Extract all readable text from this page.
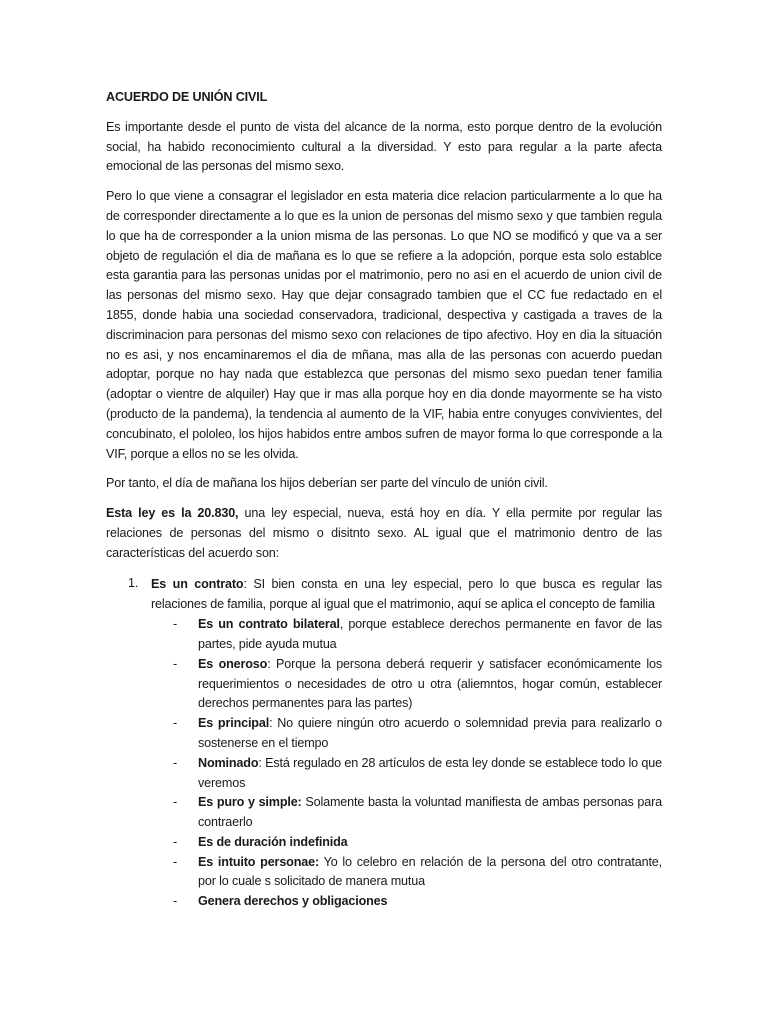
ACUERDO DE UNIÓN CIVIL

Es importante desde el punto de vista del alcance de la norma, esto porque dentro de la evolución social, ha habido reconocimiento cultural a la diversidad. Y esto para regular a la parte afecta emocional de las personas del mismo sexo.

Pero lo que viene a consagrar el legislador en esta materia dice relacion particularmente a lo que ha de corresponder directamente a lo que es la union de personas del mismo sexo y que tambien regula lo que ha de corresponder a la union misma de las personas. Lo que NO se modificó y que va a ser objeto de regulación el dia de mañana es lo que se refiere a la adopción, porque esta solo establce esta garantia para las personas unidas por el matrimonio, pero no asi en el acuerdo de union civil de las personas del mismo sexo. Hay que dejar consagrado tambien que el CC fue redactado en el 1855, donde habia una sociedad conservadora, tradicional, despectiva y castigada a traves de la discriminacion para personas del mismo sexo con relaciones de tipo afectivo. Hoy en dia la situación no es asi, y nos encaminaremos el dia de mñana, mas alla de las personas con acuerdo puedan adoptar, porque no hay nada que establezca que personas del mismo sexo puedan tener familia (adoptar o vientre de alquiler) Hay que ir mas alla porque hoy en dia donde mayormente se ha visto (producto de la pandema), la tendencia al aumento de la VIF, habia entre conyuges convivientes, del concubinato, el pololeo, los hijos habidos entre ambos sufren de mayor forma lo que corresponde a la VIF, porque a ellos no se les olvida.

Por tanto, el día de mañana los hijos deberían ser parte del vínculo de unión civil.

Esta ley es la 20.830, una ley especial, nueva, está hoy en día. Y ella permite por regular las relaciones de personas del mismo o disitnto sexo. AL igual que el matrimonio dentro de las características del acuerdo son:

1. Es un contrato: SI bien consta en una ley especial, pero lo que busca es regular las relaciones de familia, porque al igual que el matrimonio, aquí se aplica el concepto de familia
-	Es un contrato bilateral, porque establece derechos permanente en favor de las partes, pide ayuda mutua
-	Es oneroso: Porque la persona deberá requerir y satisfacer económicamente los requerimientos o necesidades de otro u otra (aliemntos, hogar común, establecer derechos permanentes para las partes)
-	Es principal: No quiere ningún otro acuerdo o solemnidad previa para realizarlo o sostenerse en el tiempo
-	Nominado: Está regulado en 28 artículos de esta ley donde se establece todo lo que veremos
-	Es puro y simple: Solamente basta la voluntad manifiesta de ambas personas para contraerlo
-	Es de duración indefinida
-	Es intuito personae: Yo lo celebro en relación de la persona del otro contratante, por lo cuale s solicitado de manera mutua
-	Genera derechos y obligaciones
